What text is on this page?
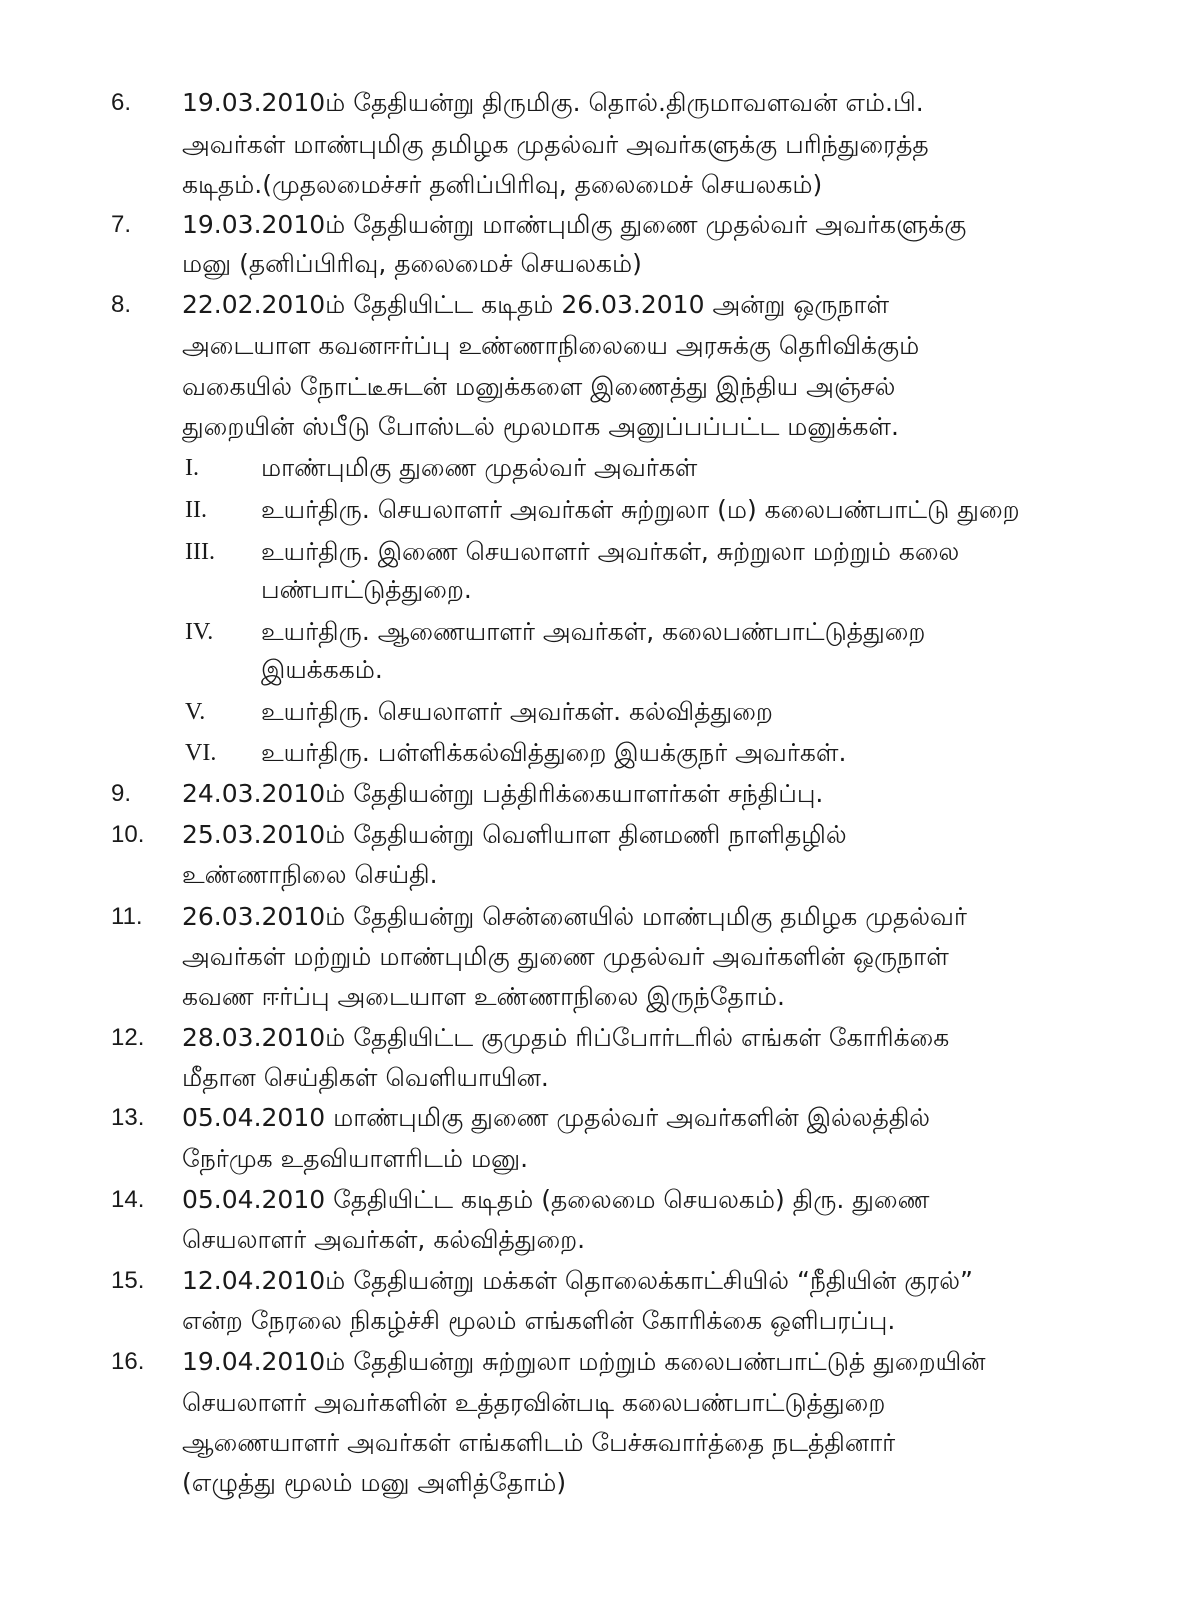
6. 19.03.2010ம் தேதியன்று திருமிகு. தொல்.திருமாவளவன் எம்.பி.
அவர்கள் மாண்புமிகு தமிழக முதல்வர் அவர்களுக்கு பரிந்துரைத்த
கடிதம்.(முதலமைச்சர் தனிப்பிரிவு, தலைமைச் செயலகம்)
7. 19.03.2010ம் தேதியன்று மாண்புமிகு துணை முதல்வர் அவர்களுக்கு
மனு (தனிப்பிரிவு, தலைமைச் செயலகம்)
8. 22.02.2010ம் தேதியிட்ட கடிதம் 26.03.2010 அன்று ஒருநாள்
அடையாள கவனஈர்ப்பு உண்ணாநிலையை அரசுக்கு தெரிவிக்கும்
வகையில் நோட்டீசுடன் மனுக்களை இணைத்து இந்திய அஞ்சல்
துறையின் ஸ்பீடு போஸ்டல் மூலமாக அனுப்பப்பட்ட மனுக்கள்.
I. மாண்புமிகு துணை முதல்வர் அவர்கள்
II. உயர்திரு. செயலாளர் அவர்கள் சுற்றுலா (ம) கலைபண்பாட்டு துறை
III. உயர்திரு. இணை செயலாளர் அவர்கள், சுற்றுலா மற்றும் கலை
பண்பாட்டுத்துறை.
IV. உயர்திரு. ஆணையாளர் அவர்கள், கலைபண்பாட்டுத்துறை
இயக்ககம்.
V. உயர்திரு. செயலாளர் அவர்கள். கல்வித்துறை
VI. உயர்திரு. பள்ளிக்கல்வித்துறை இயக்குநர் அவர்கள்.
9. 24.03.2010ம் தேதியன்று பத்திரிக்கையாளர்கள் சந்திப்பு.
10. 25.03.2010ம் தேதியன்று வெளியாள தினமணி நாளிதழில்
உண்ணாநிலை செய்தி.
11. 26.03.2010ம் தேதியன்று சென்னையில் மாண்புமிகு தமிழக முதல்வர்
அவர்கள் மற்றும் மாண்புமிகு துணை முதல்வர் அவர்களின் ஒருநாள்
கவண ஈர்ப்பு அடையாள உண்ணாநிலை இருந்தோம்.
12. 28.03.2010ம் தேதியிட்ட குமுதம் ரிப்போர்டரில் எங்கள் கோரிக்கை
மீதான செய்திகள் வெளியாயின.
13. 05.04.2010 மாண்புமிகு துணை முதல்வர் அவர்களின் இல்லத்தில்
நேர்முக உதவியாளரிடம் மனு.
14. 05.04.2010 தேதியிட்ட கடிதம் (தலைமை செயலகம்) திரு. துணை
செயலாளர் அவர்கள், கல்வித்துறை.
15. 12.04.2010ம் தேதியன்று மக்கள் தொலைக்காட்சியில் “நீதியின் குரல்”
என்ற நேரலை நிகழ்ச்சி மூலம் எங்களின் கோரிக்கை ஒளிபரப்பு.
16. 19.04.2010ம் தேதியன்று சுற்றுலா மற்றும் கலைபண்பாட்டுத் துறையின்
செயலாளர் அவர்களின் உத்தரவின்படி கலைபண்பாட்டுத்துறை
ஆணையாளர் அவர்கள் எங்களிடம் பேச்சுவார்த்தை நடத்தினார்
(எழுத்து மூலம் மனு அளித்தோம்)
